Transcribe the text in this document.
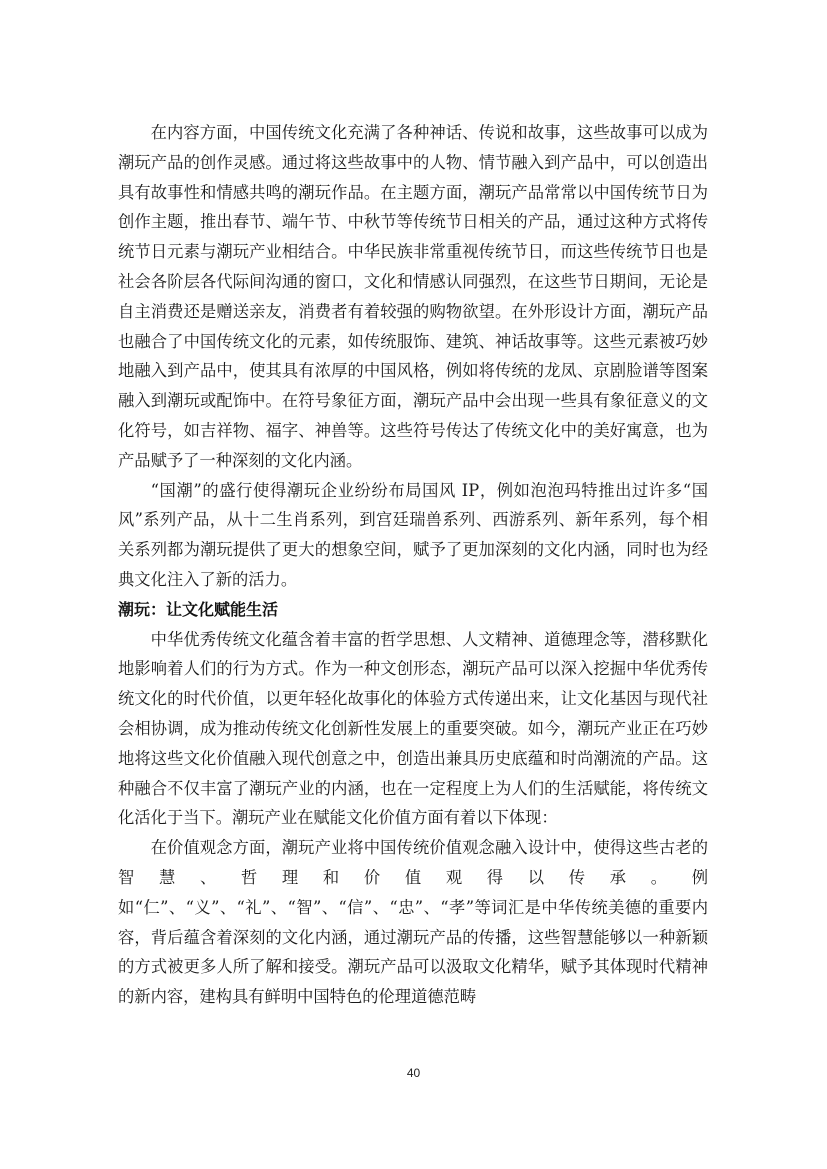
在内容方面，中国传统文化充满了各种神话、传说和故事，这些故事可以成为潮玩产品的创作灵感。通过将这些故事中的人物、情节融入到产品中，可以创造出具有故事性和情感共鸣的潮玩作品。在主题方面，潮玩产品常常以中国传统节日为创作主题，推出春节、端午节、中秋节等传统节日相关的产品，通过这种方式将传统节日元素与潮玩产业相结合。中华民族非常重视传统节日，而这些传统节日也是社会各阶层各代际间沟通的窗口，文化和情感认同强烈，在这些节日期间，无论是自主消费还是赠送亲友，消费者有着较强的购物欲望。在外形设计方面，潮玩产品也融合了中国传统文化的元素，如传统服饰、建筑、神话故事等。这些元素被巧妙地融入到产品中，使其具有浓厚的中国风格，例如将传统的龙凤、京剧脸谱等图案融入到潮玩或配饰中。在符号象征方面，潮玩产品中会出现一些具有象征意义的文化符号，如吉祥物、福字、神兽等。这些符号传达了传统文化中的美好寓意，也为产品赋予了一种深刻的文化内涵。

“国潮”的盛行使得潮玩企业纷纷布局国风 IP，例如泡泡玛特推出过许多“国风”系列产品，从十二生肖系列，到宫廷瑞兽系列、西游系列、新年系列，每个相关系列都为潮玩提供了更大的想象空间，赋予了更加深刻的文化内涵，同时也为经典文化注入了新的活力。

潮玩：让文化赋能生活

中华优秀传统文化蕴含着丰富的哲学思想、人文精神、道德理念等，潜移默化地影响着人们的行为方式。作为一种文创形态，潮玩产品可以深入挖掘中华优秀传统文化的时代价值，以更年轻化故事化的体验方式传递出来，让文化基因与现代社会相协调，成为推动传统文化创新性发展上的重要突破。如今，潮玩产业正在巧妙地将这些文化价值融入现代创意之中，创造出兼具历史底蕴和时尚潮流的产品。这种融合不仅丰富了潮玩产业的内涵，也在一定程度上为人们的生活赋能，将传统文化活化于当下。潮玩产业在赋能文化价值方面有着以下体现：

在价值观念方面，潮玩产业将中国传统价值观念融入设计中，使得这些古老的智慧、哲理和价值观得以传承。例如“仁”、“义”、“礼”、“智”、“信”、“忠”、“孝”等词汇是中华传统美德的重要内容，背后蕴含着深刻的文化内涵，通过潮玩产品的传播，这些智慧能够以一种新颖的方式被更多人所了解和接受。潮玩产品可以汲取文化精华，赋予其体现时代精神的新内容，建构具有鲜明中国特色的伦理道德范畴

40
